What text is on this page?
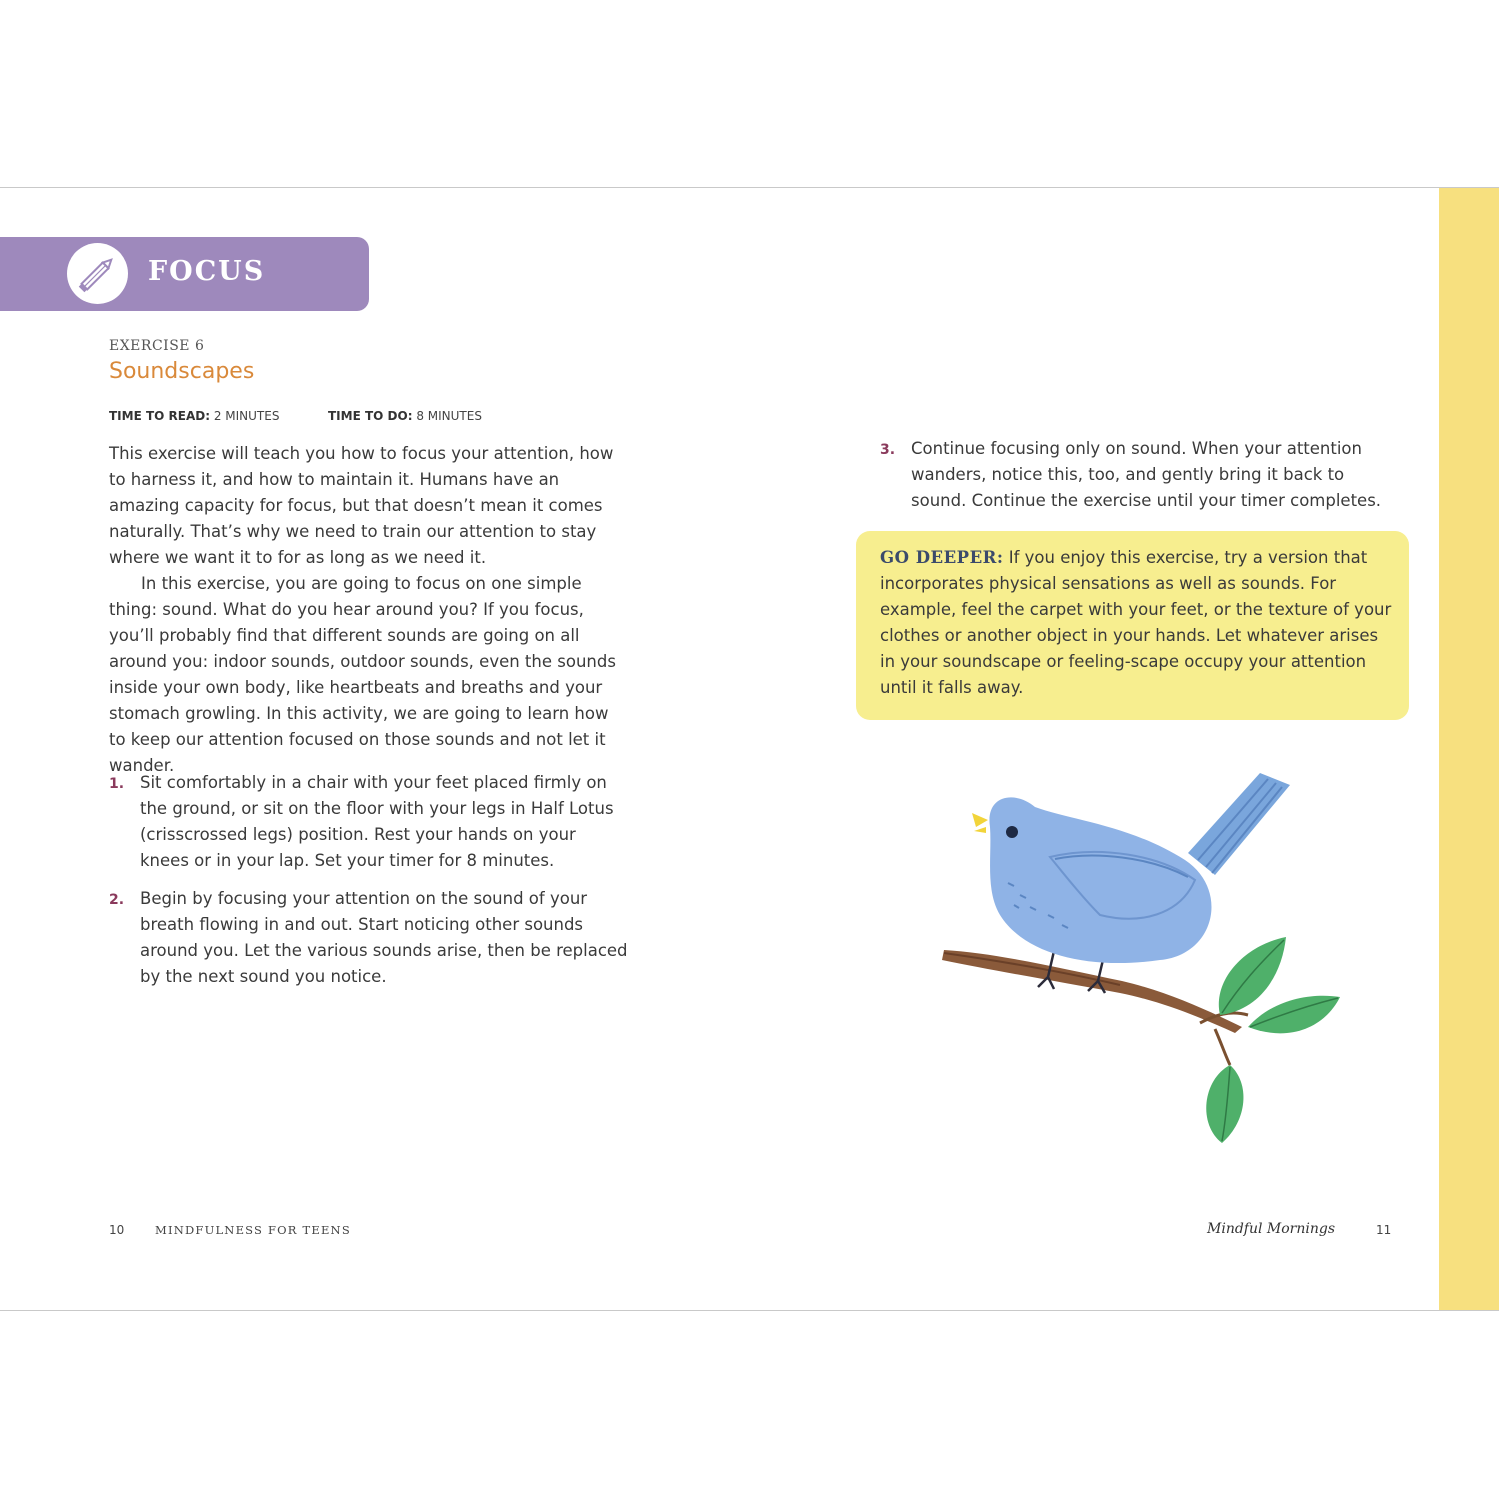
FOCUS
EXERCISE 6
Soundscapes
TIME TO READ: 2 MINUTES	TIME TO DO: 8 MINUTES

This exercise will teach you how to focus your attention, how to harness it, and how to maintain it. Humans have an amazing capacity for focus, but that doesn’t mean it comes naturally. That’s why we need to train our attention to stay where we want it to for as long as we need it.

In this exercise, you are going to focus on one simple thing: sound. What do you hear around you? If you focus, you’ll probably find that different sounds are going on all around you: indoor sounds, outdoor sounds, even the sounds inside your own body, like heartbeats and breaths and your stomach growling. In this activity, we are going to learn how to keep our attention focused on those sounds and not let it wander.

1. Sit comfortably in a chair with your feet placed firmly on the ground, or sit on the floor with your legs in Half Lotus (crisscrossed legs) position. Rest your hands on your knees or in your lap. Set your timer for 8 minutes.
2. Begin by focusing your attention on the sound of your breath flowing in and out. Start noticing other sounds around you. Let the various sounds arise, then be replaced by the next sound you notice.
3. Continue focusing only on sound. When your attention wanders, notice this, too, and gently bring it back to sound. Continue the exercise until your timer completes.
GO DEEPER: If you enjoy this exercise, try a version that incorporates physical sensations as well as sounds. For example, feel the carpet with your feet, or the texture of your clothes or another object in your hands. Let whatever arises in your soundscape or feeling-scape occupy your attention until it falls away.
10	MINDFULNESS FOR TEENS	Mindful Mornings	11
